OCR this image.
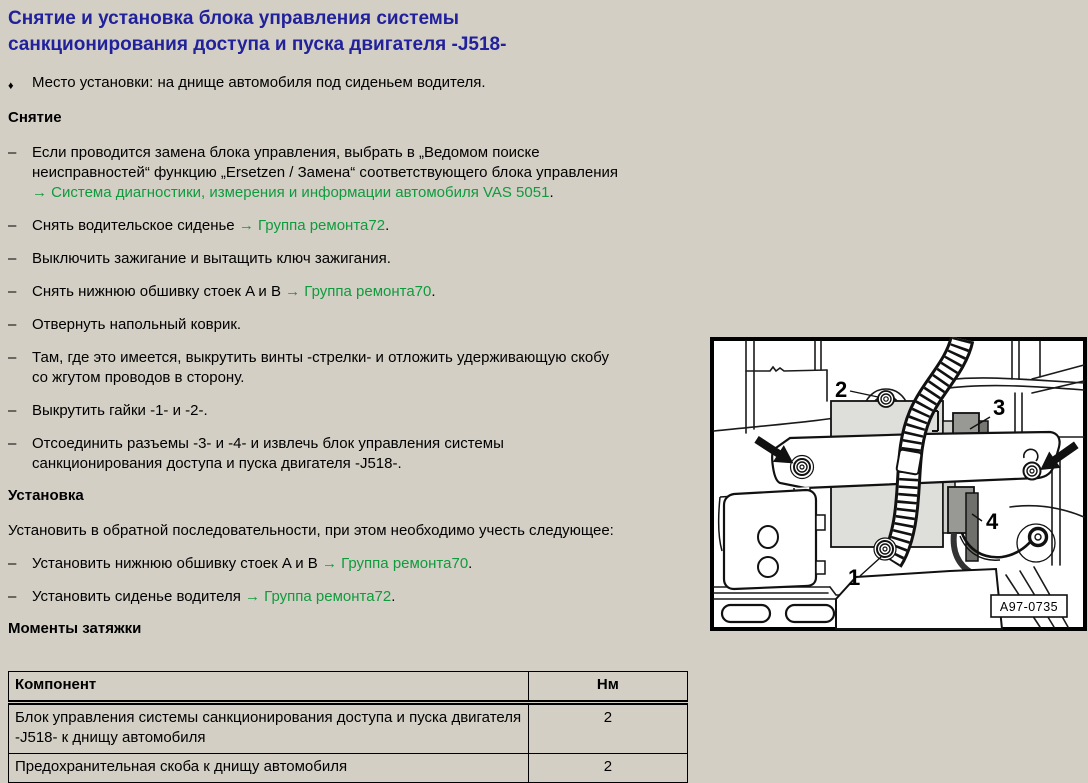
Снятие и установка блока управления системы
санкционирования доступа и пуска двигателя -J518-
♦	Место установки: на днище автомобиля под сиденьем водителя.
Снятие
–	Если проводится замена блока управления, выбрать в „Ведомом поиске
неисправностей“ функцию „Ersetzen / Замена“ соответствующего блока управления
→ Система диагностики, измерения и информации автомобиля VAS 5051.
–	Снять водительское сиденье → Группа ремонта72.
–	Выключить зажигание и вытащить ключ зажигания.
–	Снять нижнюю обшивку стоек A и B → Группа ремонта70.
–	Отвернуть напольный коврик.
–	Там, где это имеется, выкрутить винты -стрелки- и отложить удерживающую скобу
со жгутом проводов в сторону.
–	Выкрутить гайки -1- и -2-.
–	Отсоединить разъемы -3- и -4- и извлечь блок управления системы
санкционирования доступа и пуска двигателя -J518-.
Установка

Установить в обратной последовательности, при этом необходимо учесть следующее:

–	Установить нижнюю обшивку стоек A и B → Группа ремонта70.
–	Установить сиденье водителя → Группа ремонта72.
Моменты затяжки
Компонент	Нм
Блок управления системы санкционирования доступа и пуска двигателя -J518- к днищу автомобиля	2
Предохранительная скоба к днищу автомобиля	2
2
3
4
1
A97-0735
